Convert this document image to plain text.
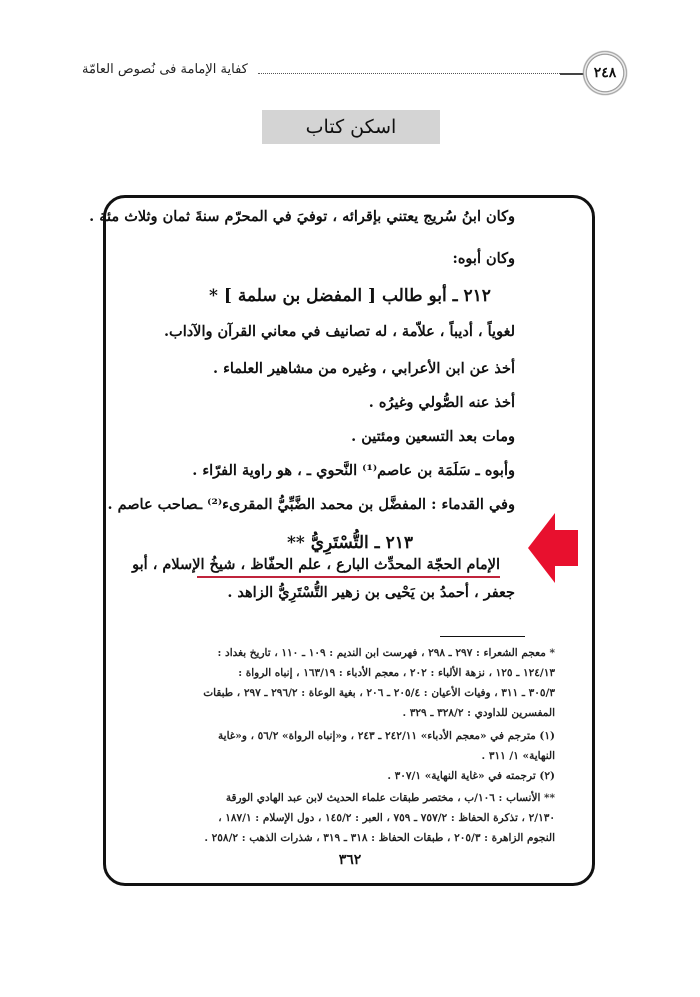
كفاية الإمامة فى نُصوص العامّة	٢٤٨
اسكن كتاب
وكان ابنُ سُريج يعتني بإقرائه ، توفيَ في المحرّم سنةَ ثمان وثلاث مئة .
وكان أبوه:
٢١٢ ـ أبو طالب [ المفضل بن سلمة ] *
لغوياً ، أديباً ، علاّمة ، له تصانيف في معاني القرآن والآداب.
أخذ عن ابن الأعرابي ، وغيره من مشاهير العلماء .
أخذ عنه الصُّولي وغيرُه .
ومات بعد التسعين ومئتين .
وأبوه ـ سَلَمَة بن عاصم⁽¹⁾ النَّحوي ـ ، هو راوية الفرّاء .
وفي القدماء : المفضَّل بن محمد الضَّبِّيُّ المقرىء⁽²⁾ ـصاحب عاصم .
٢١٣ ـ التُّسْتَرِيُّ **
الإمام الحجّة المحدِّث البارع ، علم الحفّاظ ، شيخُ الإسلام ، أبو
جعفر ، أحمدُ بن يَحْيى بن زهير التُّسْتَرِيُّ الزاهد .
* معجم الشعراء : ٢٩٧ ـ ٢٩٨ ، فهرست ابن النديم : ١٠٩ ـ ١١٠ ، تاريخ بغداد :
١٢٤/١٣ ـ ١٢٥ ، نزهة الألباء : ٢٠٢ ، معجم الأدباء : ١٦٣/١٩ ، إنباه الرواة :
٣٠٥/٣ ـ ٣١١ ، وفيات الأعيان : ٢٠٥/٤ ـ ٢٠٦ ، بغية الوعاة : ٢٩٦/٢ ـ ٢٩٧ ، طبقات
المفسرين للداودي : ٣٢٨/٢ ـ ٣٢٩ .
(١) مترجم في «معجم الأدباء» ٢٤٢/١١ ـ ٢٤٣ ، و«إنباه الرواة» ٥٦/٢ ، و«غاية
النهاية» ١/ ٣١١ .
(٢) ترجمته في «غاية النهاية» ٣٠٧/١ .
** الأنساب : ١٠٦/ب ، مختصر طبقات علماء الحديث لابن عبد الهادي الورقة
٢/١٣٠ ، تذكرة الحفاظ : ٧٥٧/٢ ـ ٧٥٩ ، العبر : ١٤٥/٢ ، دول الإسلام : ١٨٧/١ ،
النجوم الزاهرة : ٢٠٥/٣ ، طبقات الحفاظ : ٣١٨ ـ ٣١٩ ، شذرات الذهب : ٢٥٨/٢ .
٣٦٢
